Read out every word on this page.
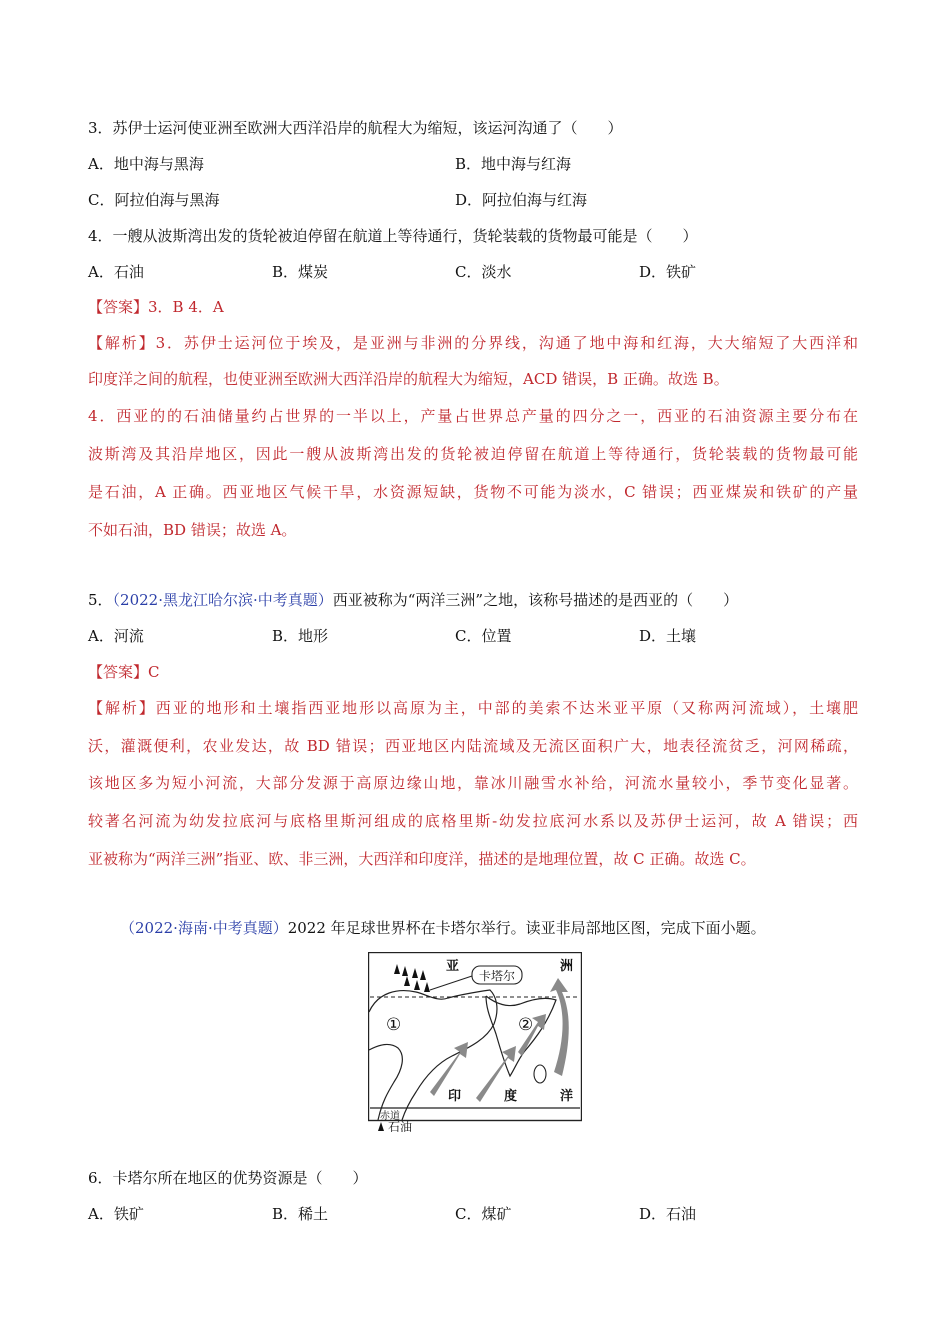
3．苏伊士运河使亚洲至欧洲大西洋沿岸的航程大为缩短，该运河沟通了（　　）
A．地中海与黑海	B．地中海与红海
C．阿拉伯海与黑海	D．阿拉伯海与红海
4．一艘从波斯湾出发的货轮被迫停留在航道上等待通行，货轮装载的货物最可能是（　　）
A．石油	B．煤炭	C．淡水	D．铁矿
【答案】3．B 4．A
【解析】3．苏伊士运河位于埃及，是亚洲与非洲的分界线，沟通了地中海和红海，大大缩短了大西洋和
印度洋之间的航程，也使亚洲至欧洲大西洋沿岸的航程大为缩短，ACD 错误，B 正确。故选 B。
4．西亚的的石油储量约占世界的一半以上，产量占世界总产量的四分之一，西亚的石油资源主要分布在
波斯湾及其沿岸地区，因此一艘从波斯湾出发的货轮被迫停留在航道上等待通行，货轮装载的货物最可能
是石油，A 正确。西亚地区气候干旱，水资源短缺，货物不可能为淡水，C 错误；西亚煤炭和铁矿的产量
不如石油，BD 错误；故选 A。
5．（2022·黑龙江哈尔滨·中考真题）西亚被称为“两洋三洲”之地，该称号描述的是西亚的（　　）
A．河流	B．地形	C．位置	D．土壤
【答案】C
【解析】西亚的地形和土壤指西亚地形以高原为主，中部的美索不达米亚平原（又称两河流域），土壤肥
沃，灌溉便利，农业发达，故 BD 错误；西亚地区内陆流域及无流区面积广大，地表径流贫乏，河网稀疏，
该地区多为短小河流，大部分发源于高原边缘山地，靠冰川融雪水补给，河流水量较小，季节变化显著。
较著名河流为幼发拉底河与底格里斯河组成的底格里斯-幼发拉底河水系以及苏伊士运河，故 A 错误；西
亚被称为“两洋三洲”指亚、欧、非三洲，大西洋和印度洋，描述的是地理位置，故 C 正确。故选 C。
（2022·海南·中考真题）2022 年足球世界杯在卡塔尔举行。读亚非局部地区图，完成下面小题。
亚	洲
卡塔尔
①	②
印	度	洋
赤道
石油
6．卡塔尔所在地区的优势资源是（　　）
A．铁矿	B．稀土	C．煤矿	D．石油
